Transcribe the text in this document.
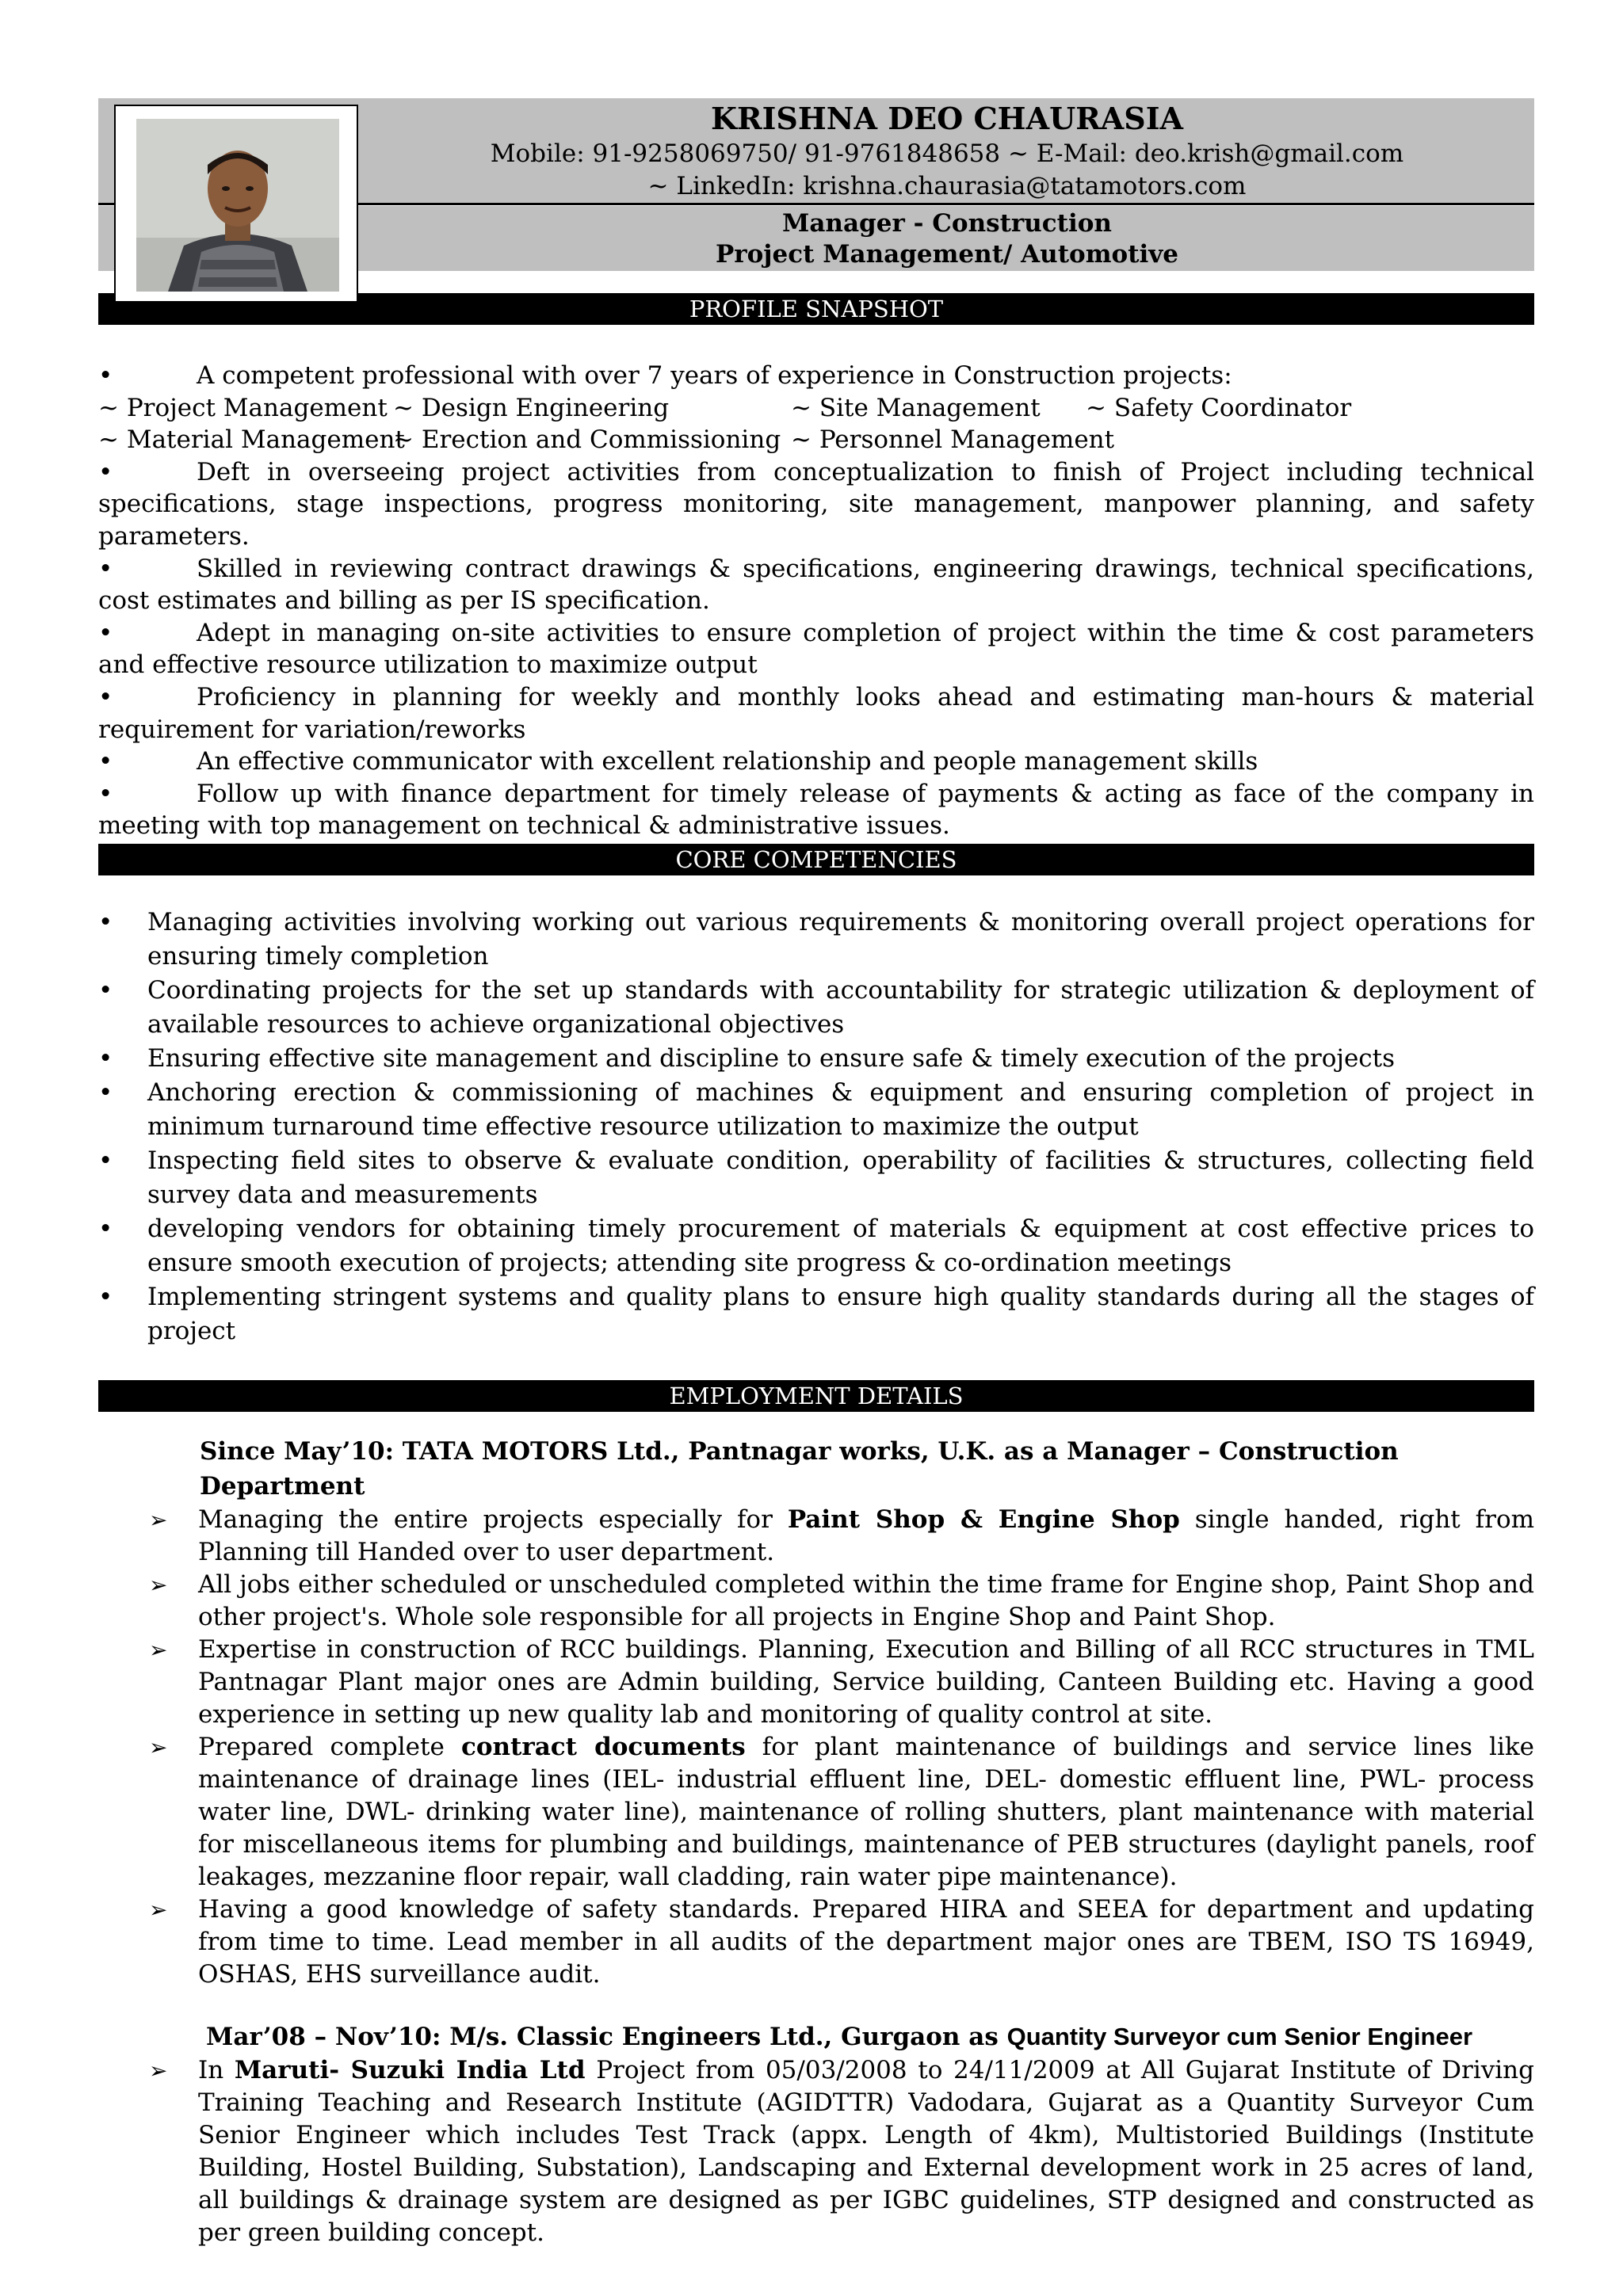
KRISHNA DEO CHAURASIA
Mobile: 91-9258069750/ 91-9761848658 ~ E-Mail: deo.krish@gmail.com
~ LinkedIn: krishna.chaurasia@tatamotors.com
Manager - Construction
Project Management/ Automotive
PROFILE SNAPSHOT

•	A competent professional with over 7 years of experience in Construction projects:

~ Project Management ~ Design Engineering	~ Site Management	~ Safety Coordinator
~ Material Management
~ Erection and Commissioning ~ Personnel Management

•	Deft in overseeing project activities from conceptualization to finish of Project including technical specifications, stage inspections, progress monitoring, site management, manpower planning, and safety parameters.

•	Skilled in reviewing contract drawings & specifications, engineering drawings, technical specifications, cost estimates and billing as per IS specification.

•	Adept in managing on-site activities to ensure completion of project within the time & cost parameters and effective resource utilization to maximize output

•	Proficiency in planning for weekly and monthly looks ahead and estimating man-hours & material requirement for variation/reworks

•	An effective communicator with excellent relationship and people management skills

•	Follow up with finance department for timely release of payments & acting as face of the company in meeting with top management on technical & administrative issues.

CORE COMPETENCIES
• Managing activities involving working out various requirements & monitoring overall project operations for ensuring timely completion
• Coordinating projects for the set up standards with accountability for strategic utilization & deployment of available resources to achieve organizational objectives
• Ensuring effective site management and discipline to ensure safe & timely execution of the projects
• Anchoring erection & commissioning of machines & equipment and ensuring completion of project in minimum turnaround time effective resource utilization to maximize the output
• Inspecting field sites to observe & evaluate condition, operability of facilities & structures, collecting field survey data and measurements
• developing vendors for obtaining timely procurement of materials & equipment at cost effective prices to ensure smooth execution of projects; attending site progress & co-ordination meetings
• Implementing stringent systems and quality plans to ensure high quality standards during all the stages of project
EMPLOYMENT DETAILS
Since May’10: TATA MOTORS Ltd., Pantnagar works, U.K. as a Manager – Construction Department
➢ Managing the entire projects especially for Paint Shop & Engine Shop single handed, right from Planning till Handed over to user department.
➢ All jobs either scheduled or unscheduled completed within the time frame for Engine shop, Paint Shop and other project's. Whole sole responsible for all projects in Engine Shop and Paint Shop.
➢ Expertise in construction of RCC buildings. Planning, Execution and Billing of all RCC structures in TML Pantnagar Plant major ones are Admin building, Service building, Canteen Building etc. Having a good experience in setting up new quality lab and monitoring of quality control at site.
➢ Prepared complete contract documents for plant maintenance of buildings and service lines like maintenance of drainage lines (IEL- industrial effluent line, DEL- domestic effluent line, PWL- process water line, DWL- drinking water line), maintenance of rolling shutters, plant maintenance with material for miscellaneous items for plumbing and buildings, maintenance of PEB structures (daylight panels, roof leakages, mezzanine floor repair, wall cladding, rain water pipe maintenance).
➢ Having a good knowledge of safety standards. Prepared HIRA and SEEA for department and updating from time to time. Lead member in all audits of the department major ones are TBEM, ISO TS 16949, OSHAS, EHS surveillance audit.
Mar’08 – Nov’10: M/s. Classic Engineers Ltd., Gurgaon as Quantity Surveyor cum Senior Engineer
➢ In Maruti- Suzuki India Ltd Project from 05/03/2008 to 24/11/2009 at All Gujarat Institute of Driving Training Teaching and Research Institute (AGIDTTR) Vadodara, Gujarat as a Quantity Surveyor Cum Senior Engineer which includes Test Track (appx. Length of 4km), Multistoried Buildings (Institute Building, Hostel Building, Substation), Landscaping and External development work in 25 acres of land, all buildings & drainage system are designed as per IGBC guidelines, STP designed and constructed as per green building concept.
